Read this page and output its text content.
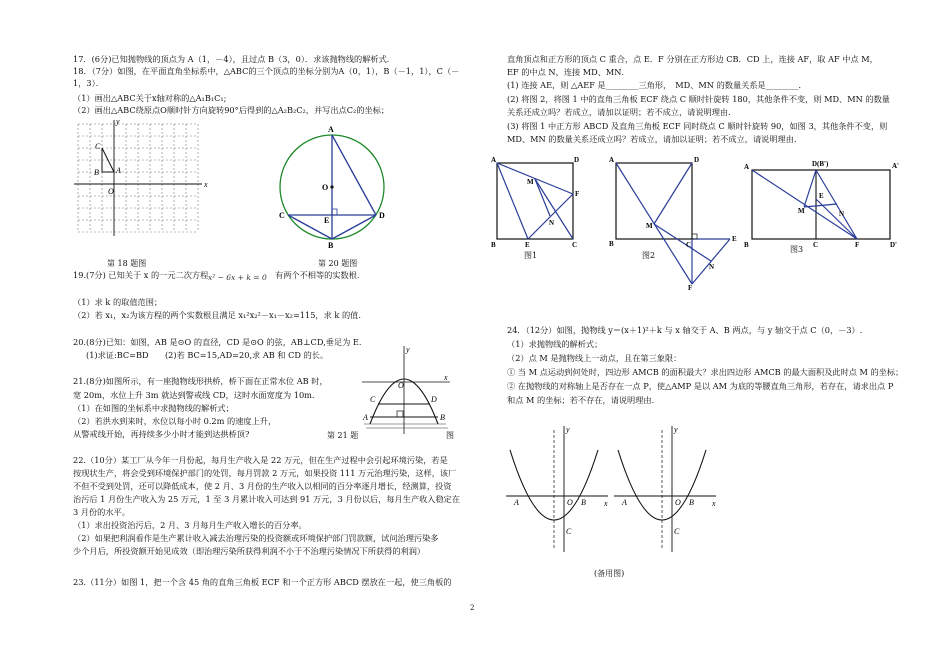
17．(6分)已知抛物线的顶点为 A（1，－4），且过点 B（3，0）．求该抛物线的解析式．
18．（7分）如图，在平面直角坐标系中，△ABC的三个顶点的坐标分别为A（0，1），B（－1，1），C（－
1，3）．
（1）画出△ABC关于x轴对称的△A₁B₁C₁;
（2）画出△ABC绕原点O顺时针方向旋转90°后得到的△A₂B₂C₂，并写出点C₂的坐标；
x
y
C
B A
O
A
O
C	D
E
B
第 18 题图	第 20 题图
19.(7分) 已知关于 x 的一元二次方程 x² − 6x + k = 0 有两个不相等的实数根.
（1）求 k 的取值范围；
（2）若 x₁，x₂为该方程的两个实数根且满足 x₁²x₂²－x₁－x₂=115，求 k 的值.
20.(8分)已知：如图，AB 是⊙O 的直径，CD 是⊙O 的弦，AB⊥CD,垂足为 E.
(1)求证:BC=BD　　(2)若 BC=15,AD=20,求 AB 和 CD 的长。
21.(8分)如图所示，有一座抛物线形拱桥，桥下面在正常水位 AB 时，
宽 20m，水位上升 3m 就达到警戒线 CD，这时水面宽度为 10m.
（1）在如图的坐标系中求抛物线的解析式；
（2）若洪水到来时，水位以每小时 0.2m 的速度上升，
从警戒线开始，再持续多少小时才能到达拱桥顶?	第 21 题	图
y
x
O
C	D
A	B
22.（10分）某工厂从今年一月份起，每月生产收入是 22 万元，但在生产过程中会引起环境污染，若是
按现状生产，将会受到环境保护部门的处罚，每月罚款 2 万元，如果投资 111 万元治理污染，这样，该厂
不但不受到处罚，还可以降低成本，使 2 月、3 月份的生产收入以相同的百分率逐月增长，经测算，投资
治污后 1 月份生产收入为 25 万元，1 至 3 月累计收入可达到 91 万元，3 月份以后，每月生产收入稳定在
3 月份的水平。
（1）求出投资治污后，2 月、3 月每月生产收入增长的百分率。
（2）如果把利润看作是生产累计收入减去治理污染的投资额或环境保护部门罚款额，试问治理污染多
少个月后，所投资额开始见成效（即治理污染所获得利润不小于不治理污染情况下所获得的利润）
23.（11分）如图 1，把一个含 45 角的直角三角板 ECF 和一个正方形 ABCD 摆放在一起，使三角板的
直角顶点和正方形的顶点 C 重合，点 E．F 分别在正方形边 CB．CD 上，连接 AF，取 AF 中点 M，
EF 的中点 N，连接 MD、MN．
(1) 连接 AE，则 △AEF 是________三角形，　MD、MN 的数量关系是________．
(2) 将图 2，将图 1 中的直角三角板 ECF 绕点 C 顺时针旋转 180，其他条件不变，则 MD、MN 的数量
关系还成立吗？若成立，请加以证明；若不成立，请说明理由.
(3) 将图 1 中正方形 ABCD 及直角三角板 ECF 同时绕点 C 顺时针旋转 90，如图 3，其他条件不变，则
MD、MN 的数量关系还成立吗？若成立，请加以证明；若不成立，请说明理由.
A
B
D
C
E
F
M
N
图1
A	D
B	C
E
F
M
N
图2
A	D(B')	A'
B	C	F	D'
E
M	N
图3
24．（12分）如图，抛物线 y＝(x＋1)²＋k 与 x 轴交于 A、B 两点，与 y 轴交于点 C（0，－3）.
（1）求抛物线的解析式；
（2）点 M 是抛物线上一动点，且在第三象限：
① 当 M 点运动到何处时，四边形 AMCB 的面积最大？求出四边形 AMCB 的最大面积及此时点 M 的坐标；
② 在抛物线的对称轴上是否存在一点 P，使△AMP 是以 AM 为底的等腰直角三角形，若存在，请求出点 P
和点 M 的坐标；若不存在，请说明理由.
y
x
A	O B
C
y
x
A	O B
C
(备用图)
2
